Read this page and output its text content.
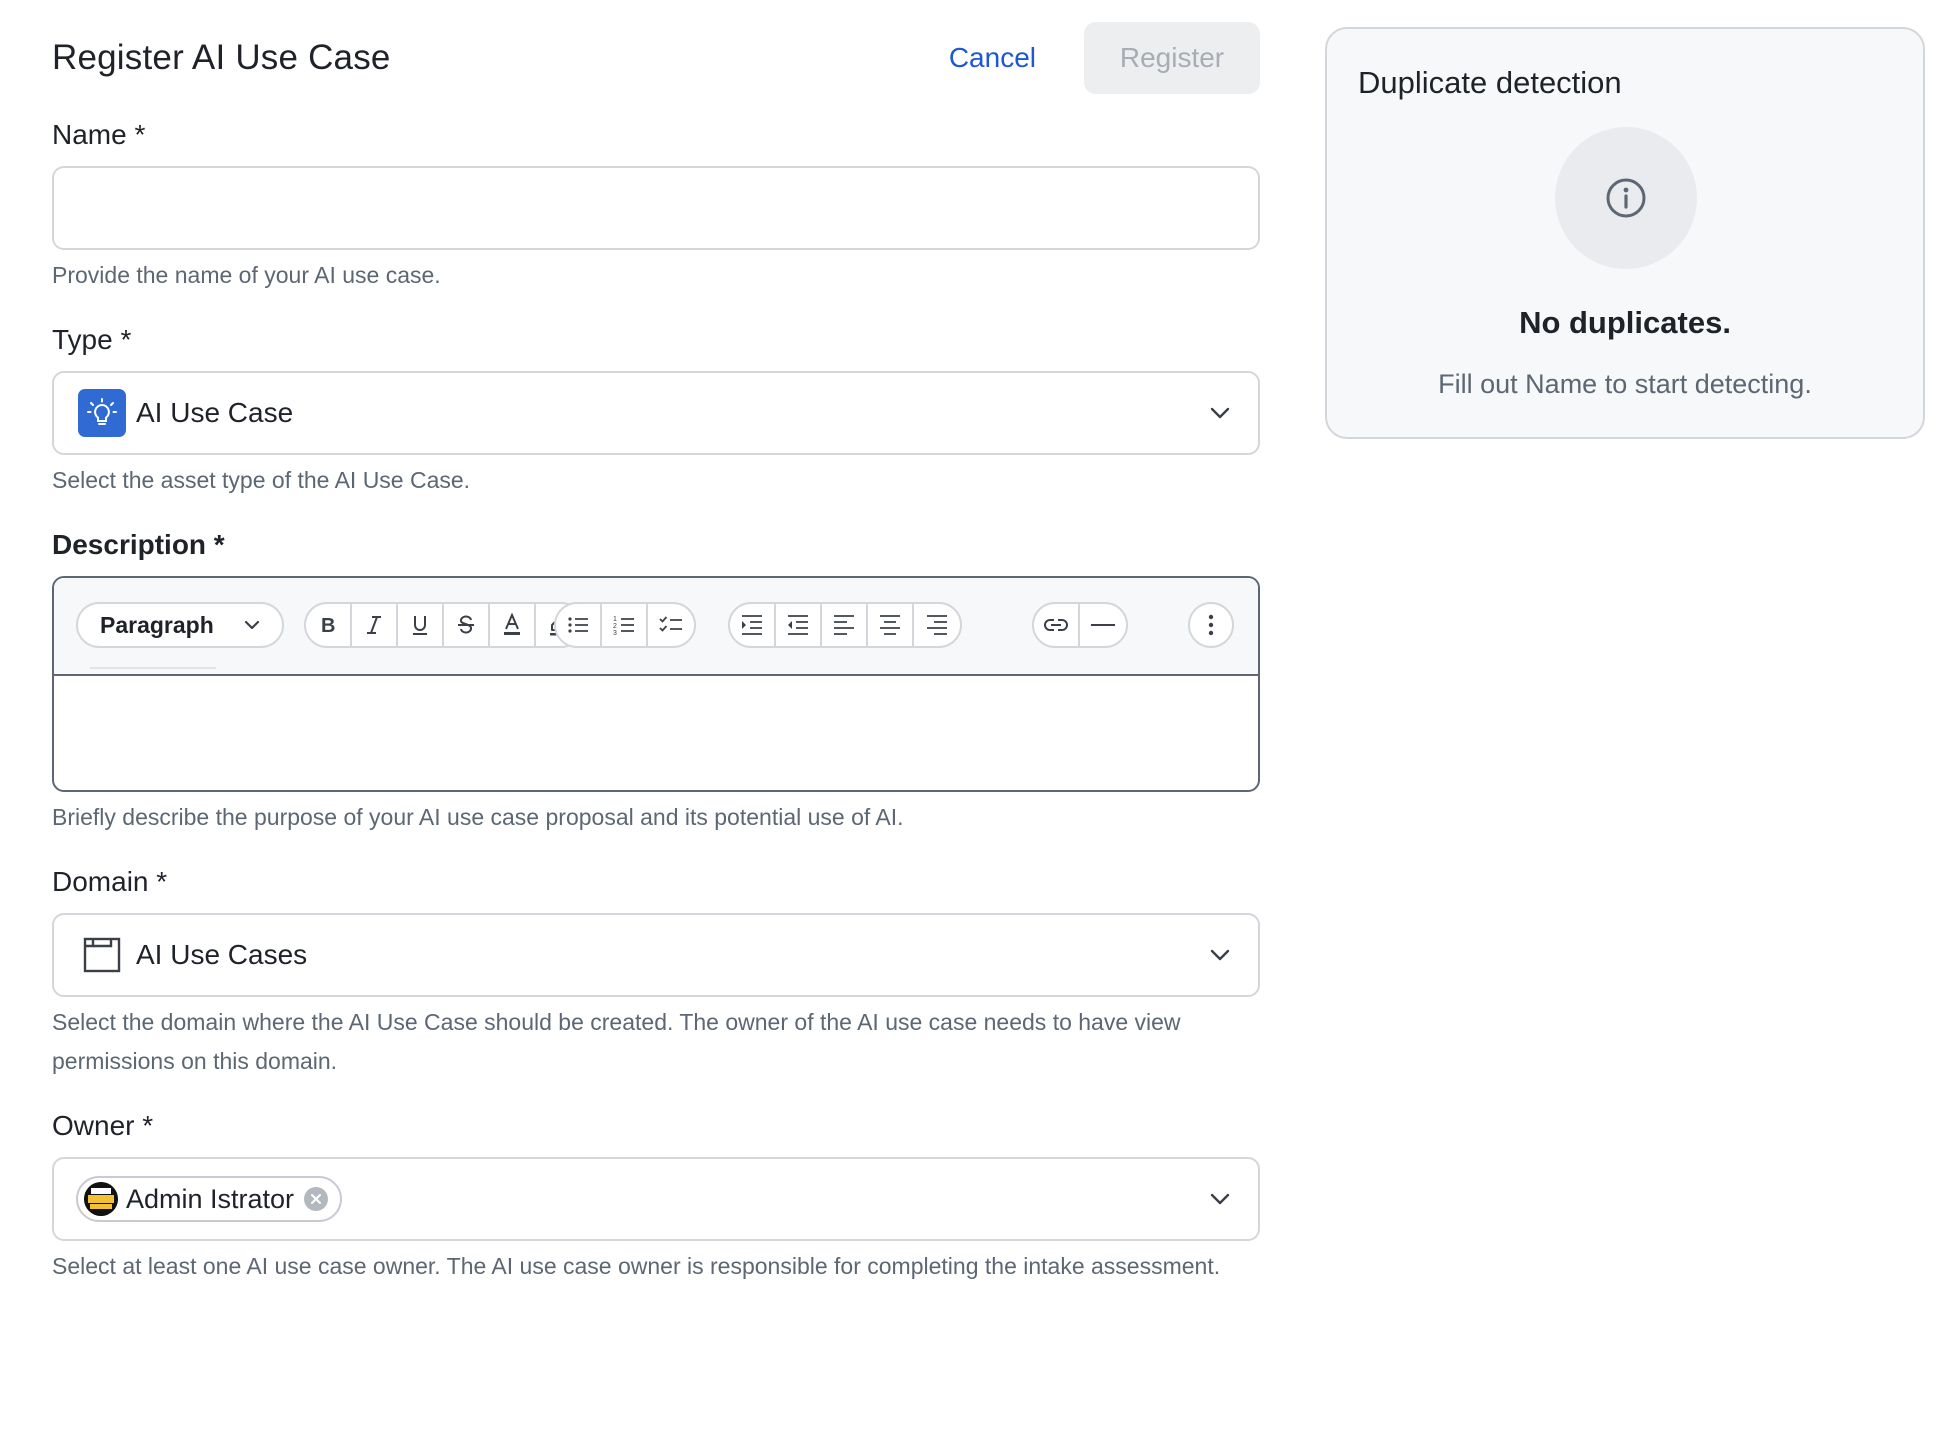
Register AI Use Case	Cancel	Register
Name *
Provide the name of your AI use case.
Type *
AI Use Case
Select the asset type of the AI Use Case.
Description *
Paragraph	B	1
2
3
Briefly describe the purpose of your AI use case proposal and its potential use of AI.
Domain *
AI Use Cases
Select the domain where the AI Use Case should be created. The owner of the AI use case needs to have view permissions on this domain.
Owner *
Admin Istrator
Select at least one AI use case owner. The AI use case owner is responsible for completing the intake assessment.
Duplicate detection
No duplicates.
Fill out Name to start detecting.
